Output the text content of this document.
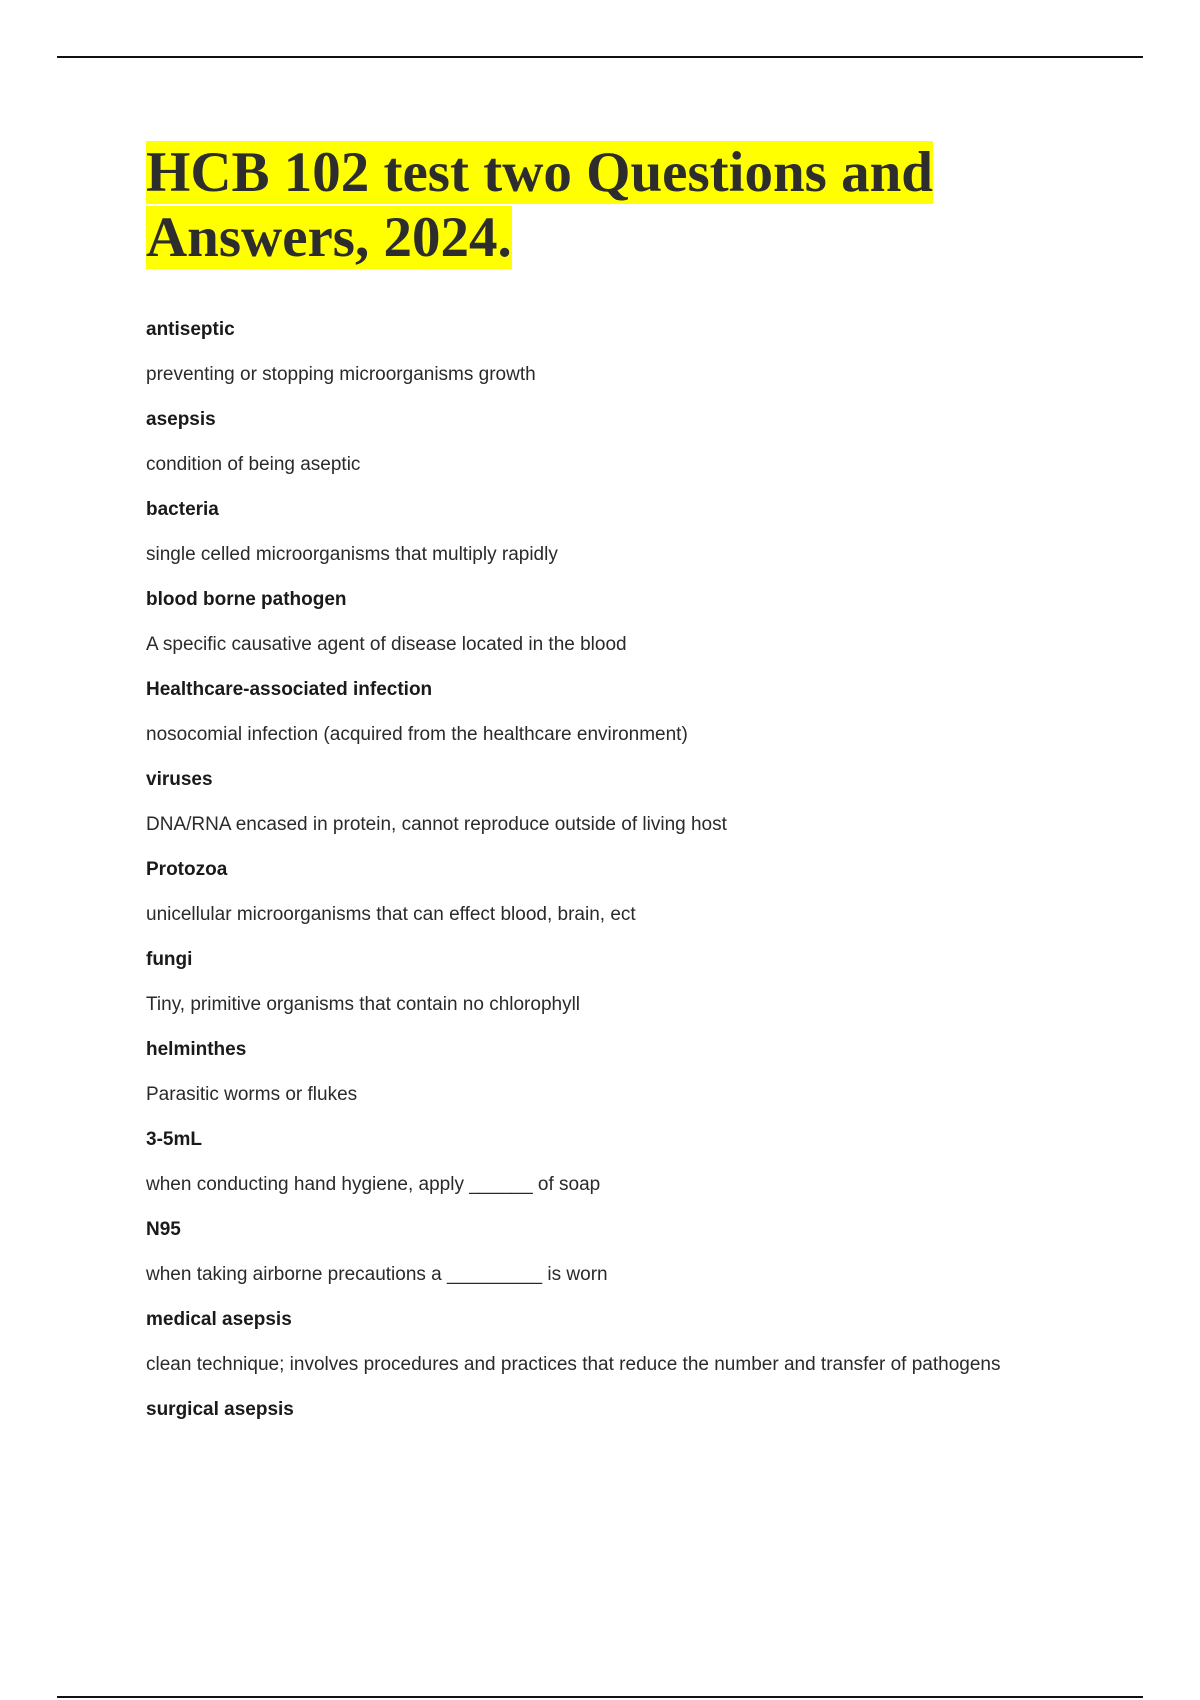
HCB 102 test two Questions and
Answers, 2024.
antiseptic
preventing or stopping microorganisms growth
asepsis
condition of being aseptic
bacteria
single celled microorganisms that multiply rapidly
blood borne pathogen
A specific causative agent of disease located in the blood
Healthcare-associated infection
nosocomial infection (acquired from the healthcare environment)
viruses
DNA/RNA encased in protein, cannot reproduce outside of living host
Protozoa
unicellular microorganisms that can effect blood, brain, ect
fungi
Tiny, primitive organisms that contain no chlorophyll
helminthes
Parasitic worms or flukes
3-5mL
when conducting hand hygiene, apply ______ of soap
N95
when taking airborne precautions a _________ is worn
medical asepsis
clean technique; involves procedures and practices that reduce the number and transfer of pathogens
surgical asepsis
